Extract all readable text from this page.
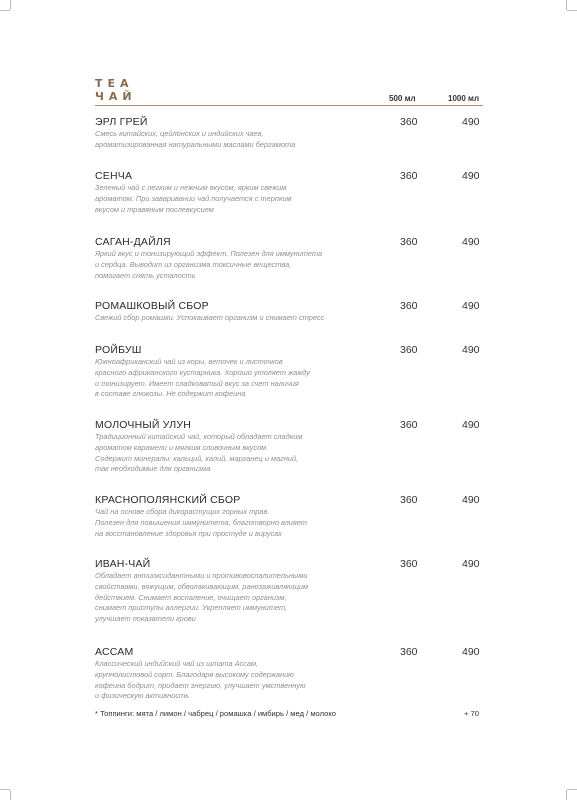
TEA
ЧАЙ	500 мл	1000 мл
ЭРЛ ГРЕЙ
Смесь китайских, цейлонских и индийских чаев,
ароматизированная натуральными маслами бергамота
360	490
СЕНЧА
Зеленый чай с легким и нежным вкусом, ярким свежим
ароматом. При заваривании чай получается с терпким
вкусом и травяным послевкусием
360	490
САГАН-ДАЙЛЯ
Яркий вкус и тонизирующий эффект. Полезен для иммунитета
и сердца. Выводит из организма токсичные вещества,
помогает снять усталость
360	490
РОМАШКОВЫЙ СБОР
Свежий сбор ромашки. Успокаивает организм и снимает стресс
360	490
РОЙБУШ
Южноафриканский чай из коры, веточек и листочков
красного африканского кустарника. Хорошо утоляет жажду
и тонизирует. Имеет сладковатый вкус за счет наличия
в составе глюкозы. Не содержит кофеина
360	490
МОЛОЧНЫЙ УЛУН
Традиционный китайский чай, который обладает сладким
ароматом карамели и мягким сливочным вкусом.
Содержит минералы: кальций, калий, марганец и магний,
так необходимые для организма
360	490
КРАСНОПОЛЯНСКИЙ СБОР
Чай на основе сбора дикорастущих горных трав.
Полезен для повышения иммунитета, благотворно влияет
на восстановление здоровья при простуде и вирусах
360	490
ИВАН-ЧАЙ
Обладает антиоксидантными и противовоспалительными
свойствами, вяжущим, обволакивающим, ранозаживляющим
действием. Снимает воспаление, очищает организм,
снимает приступы аллергии. Укрепляет иммунитет,
улучшает показатели крови
360	490
АССАМ
Классический индийский чай из штата Ассам,
крупнолистовой сорт. Благодаря высокому содержанию
кофеина бодрит, придает энергию, улучшает умственную
и физическую активность
360	490
* Топпинги: мята / лимон / чабрец / ромашка / имбирь / мед / молоко	+ 70
